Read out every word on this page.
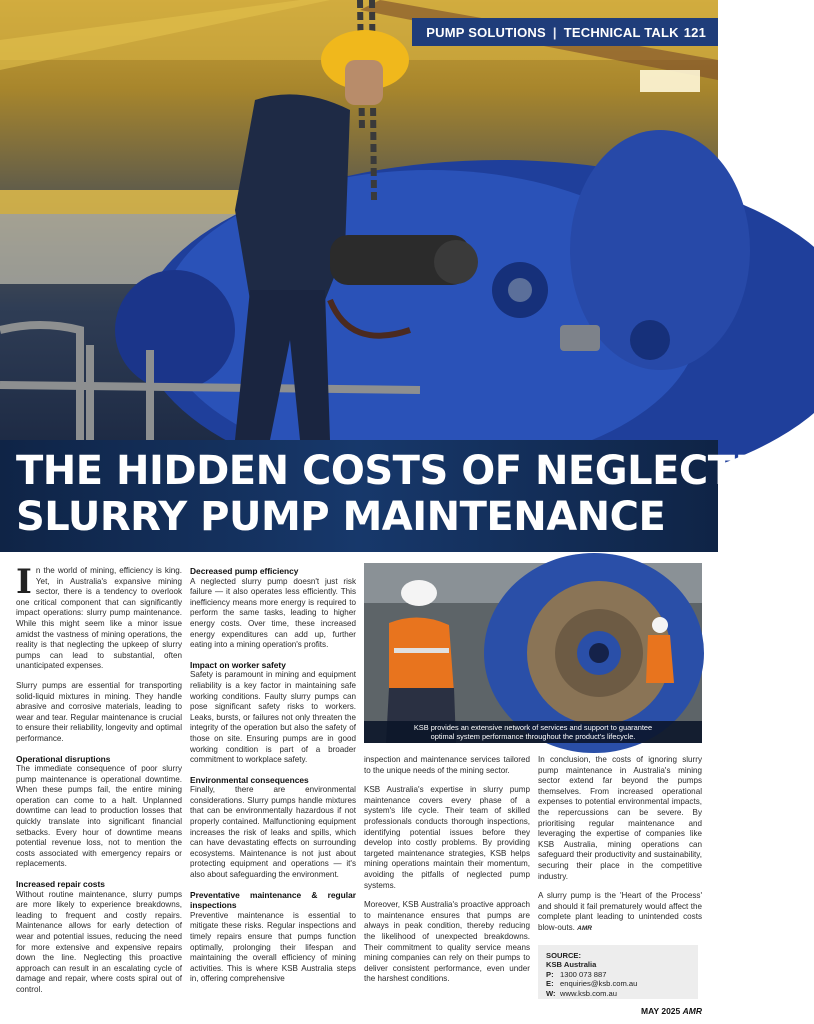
PUMP SOLUTIONS | TECHNICAL TALK 121
THE HIDDEN COSTS OF NEGLECTING
SLURRY PUMP MAINTENANCE

In the world of mining, efficiency is king. Yet, in Australia's expansive mining sector, there is a tendency to overlook one critical component that can significantly impact operations: slurry pump maintenance. While this might seem like a minor issue amidst the vastness of mining operations, the reality is that neglecting the upkeep of slurry pumps can lead to substantial, often unanticipated expenses.

Slurry pumps are essential for transporting solid-liquid mixtures in mining. They handle abrasive and corrosive materials, leading to wear and tear. Regular maintenance is crucial to ensure their reliability, longevity and optimal performance.

Operational disruptions

The immediate consequence of poor slurry pump maintenance is operational downtime. When these pumps fail, the entire mining operation can come to a halt. Unplanned downtime can lead to production losses that quickly translate into significant financial setbacks. Every hour of downtime means potential revenue loss, not to mention the costs associated with emergency repairs or replacements.

Increased repair costs

Without routine maintenance, slurry pumps are more likely to experience breakdowns, leading to frequent and costly repairs. Maintenance allows for early detection of wear and potential issues, reducing the need for more extensive and expensive repairs down the line. Neglecting this proactive approach can result in an escalating cycle of damage and repair, where costs spiral out of control.

Decreased pump efficiency

A neglected slurry pump doesn't just risk failure — it also operates less efficiently. This inefficiency means more energy is required to perform the same tasks, leading to higher energy costs. Over time, these increased energy expenditures can add up, further eating into a mining operation's profits.

Impact on worker safety

Safety is paramount in mining and equipment reliability is a key factor in maintaining safe working conditions. Faulty slurry pumps can pose significant safety risks to workers. Leaks, bursts, or failures not only threaten the integrity of the operation but also the safety of those on site. Ensuring pumps are in good working condition is part of a broader commitment to workplace safety.

Environmental consequences

Finally, there are environmental considerations. Slurry pumps handle mixtures that can be environmentally hazardous if not properly contained. Malfunctioning equipment increases the risk of leaks and spills, which can have devastating effects on surrounding ecosystems. Maintenance is not just about protecting equipment and operations — it's also about safeguarding the environment.

Preventative maintenance & regular inspections

Preventive maintenance is essential to mitigate these risks. Regular inspections and timely repairs ensure that pumps function optimally, prolonging their lifespan and maintaining the overall efficiency of mining activities. This is where KSB Australia steps in, offering comprehensive

KSB provides an extensive network of services and support to guarantee
optimal system performance throughout the product's lifecycle.

inspection and maintenance services tailored to the unique needs of the mining sector.

KSB Australia's expertise in slurry pump maintenance covers every phase of a system's life cycle. Their team of skilled professionals conducts thorough inspections, identifying potential issues before they develop into costly problems. By providing targeted maintenance strategies, KSB helps mining operations maintain their momentum, avoiding the pitfalls of neglected pump systems.

Moreover, KSB Australia's proactive approach to maintenance ensures that pumps are always in peak condition, thereby reducing the likelihood of unexpected breakdowns. Their commitment to quality service means mining companies can rely on their pumps to deliver consistent performance, even under the harshest conditions.

In conclusion, the costs of ignoring slurry pump maintenance in Australia's mining sector extend far beyond the pumps themselves. From increased operational expenses to potential environmental impacts, the repercussions can be severe. By prioritising regular maintenance and leveraging the expertise of companies like KSB Australia, mining operations can safeguard their productivity and sustainability, securing their place in the competitive industry.

A slurry pump is the 'Heart of the Process' and should it fail prematurely would affect the complete plant leading to unintended costs blow-outs. AMR

SOURCE:
KSB Australia
P: 1300 073 887
E: enquiries@ksb.com.au
W: www.ksb.com.au
MAY 2025 AMR
